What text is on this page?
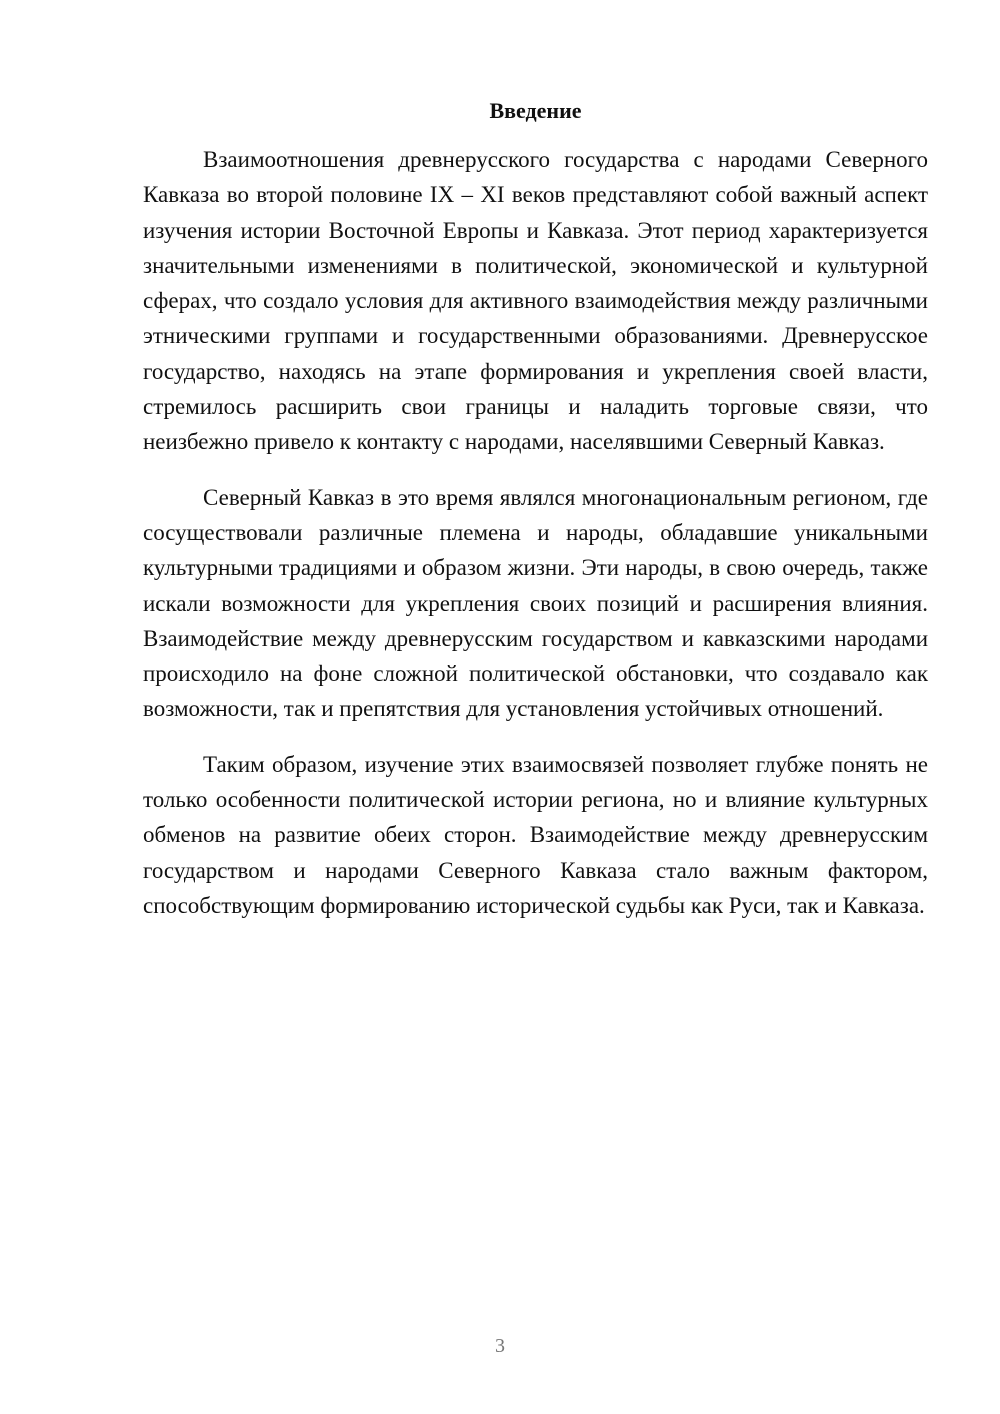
Введение

Взаимоотношения древнерусского государства с народами Северного Кавказа во второй половине IX – XI веков представляют собой важный аспект изучения истории Восточной Европы и Кавказа. Этот период характеризуется значительными изменениями в политической, экономической и культурной сферах, что создало условия для активного взаимодействия между различными этническими группами и государственными образованиями. Древнерусское государство, находясь на этапе формирования и укрепления своей власти, стремилось расширить свои границы и наладить торговые связи, что неизбежно привело к контакту с народами, населявшими Северный Кавказ.

Северный Кавказ в это время являлся многонациональным регионом, где сосуществовали различные племена и народы, обладавшие уникальными культурными традициями и образом жизни. Эти народы, в свою очередь, также искали возможности для укрепления своих позиций и расширения влияния. Взаимодействие между древнерусским государством и кавказскими народами происходило на фоне сложной политической обстановки, что создавало как возможности, так и препятствия для установления устойчивых отношений.

Таким образом, изучение этих взаимосвязей позволяет глубже понять не только особенности политической истории региона, но и влияние культурных обменов на развитие обеих сторон. Взаимодействие между древнерусским государством и народами Северного Кавказа стало важным фактором, способствующим формированию исторической судьбы как Руси, так и Кавказа.

3
